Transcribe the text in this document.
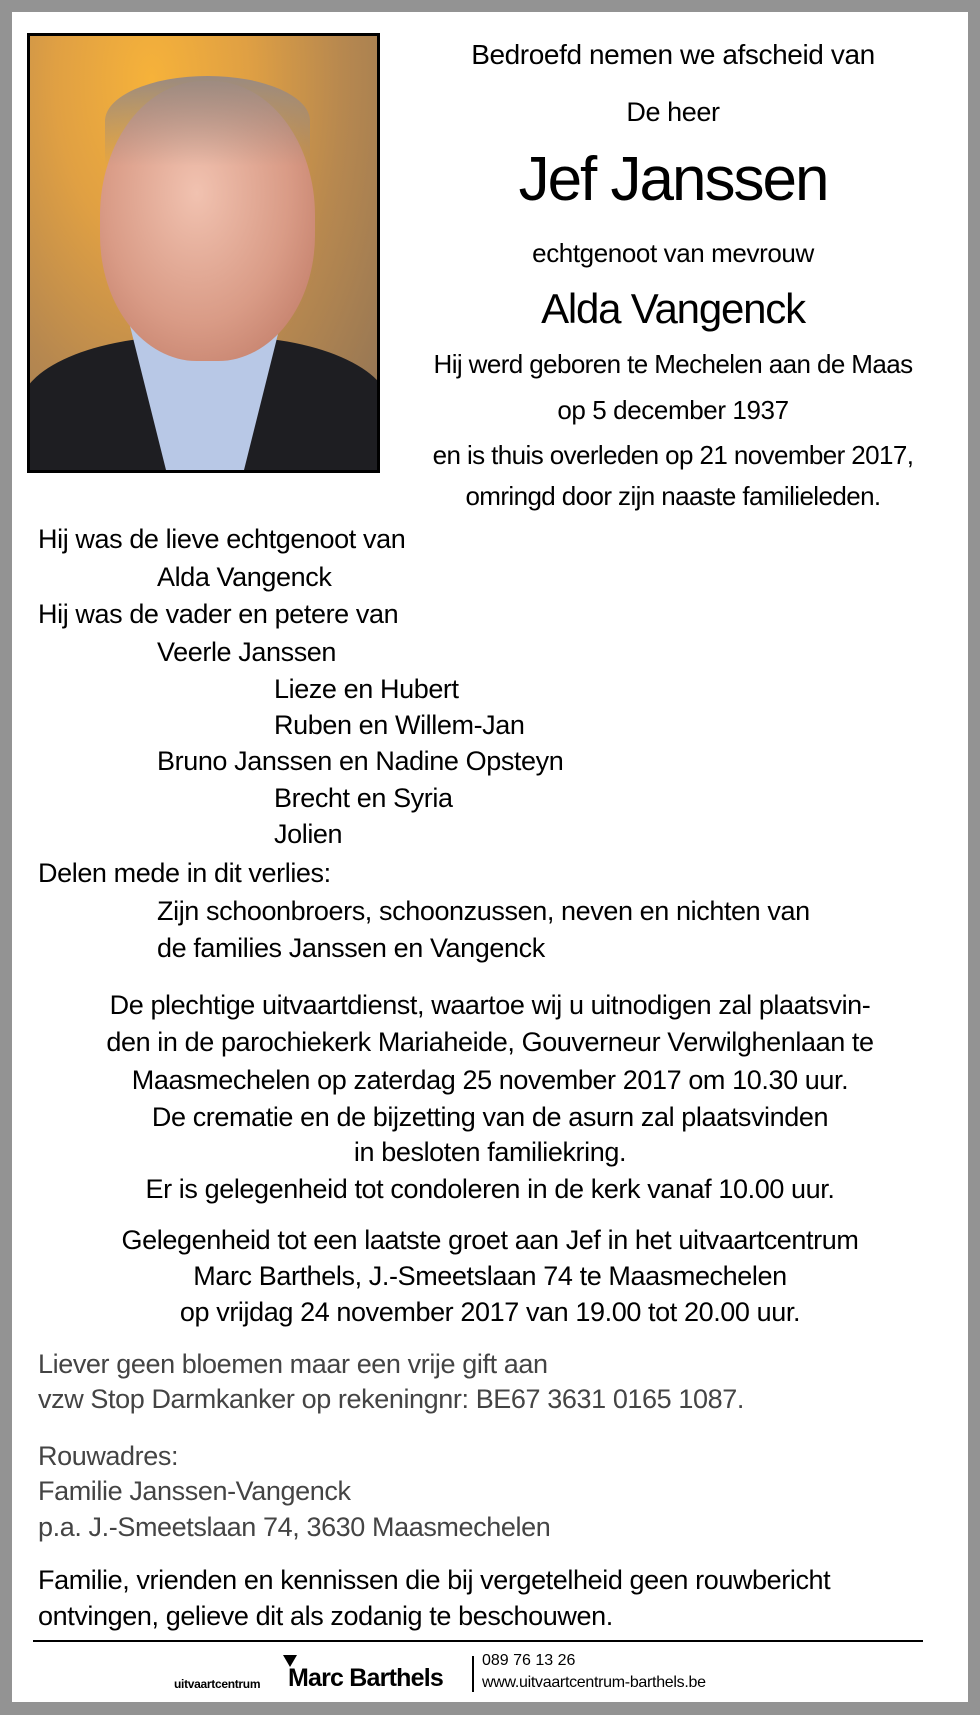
Bedroefd nemen we afscheid van
De heer
Jef Janssen
echtgenoot van mevrouw
Alda Vangenck
Hij werd geboren te Mechelen aan de Maas
op 5 december 1937
en is thuis overleden op 21 november 2017,
omringd door zijn naaste familieleden.
Hij was de lieve echtgenoot van
Alda Vangenck
Hij was de vader en petere van
Veerle Janssen
Lieze en Hubert
Ruben en Willem-Jan
Bruno Janssen en Nadine Opsteyn
Brecht en Syria
Jolien
Delen mede in dit verlies:
Zijn schoonbroers, schoonzussen, neven en nichten van
de families Janssen en Vangenck
De plechtige uitvaartdienst, waartoe wij u uitnodigen zal plaatsvin-
den in de parochiekerk Mariaheide, Gouverneur Verwilghenlaan te
Maasmechelen op zaterdag 25 november 2017 om 10.30 uur.
De crematie en de bijzetting van de asurn zal plaatsvinden
in besloten familiekring.
Er is gelegenheid tot condoleren in de kerk vanaf 10.00 uur.
Gelegenheid tot een laatste groet aan Jef in het uitvaartcentrum
Marc Barthels, J.-Smeetslaan 74 te Maasmechelen
op vrijdag 24 november 2017 van 19.00 tot 20.00 uur.
Liever geen bloemen maar een vrije gift aan
vzw Stop Darmkanker op rekeningnr: BE67 3631 0165 1087.
Rouwadres:
Familie Janssen-Vangenck
p.a. J.-Smeetslaan 74, 3630 Maasmechelen
Familie, vrienden en kennissen die bij vergetelheid geen rouwbericht
ontvingen, gelieve dit als zodanig te beschouwen.
uitvaartcentrum Marc Barthels
089 76 13 26
www.uitvaartcentrum-barthels.be
